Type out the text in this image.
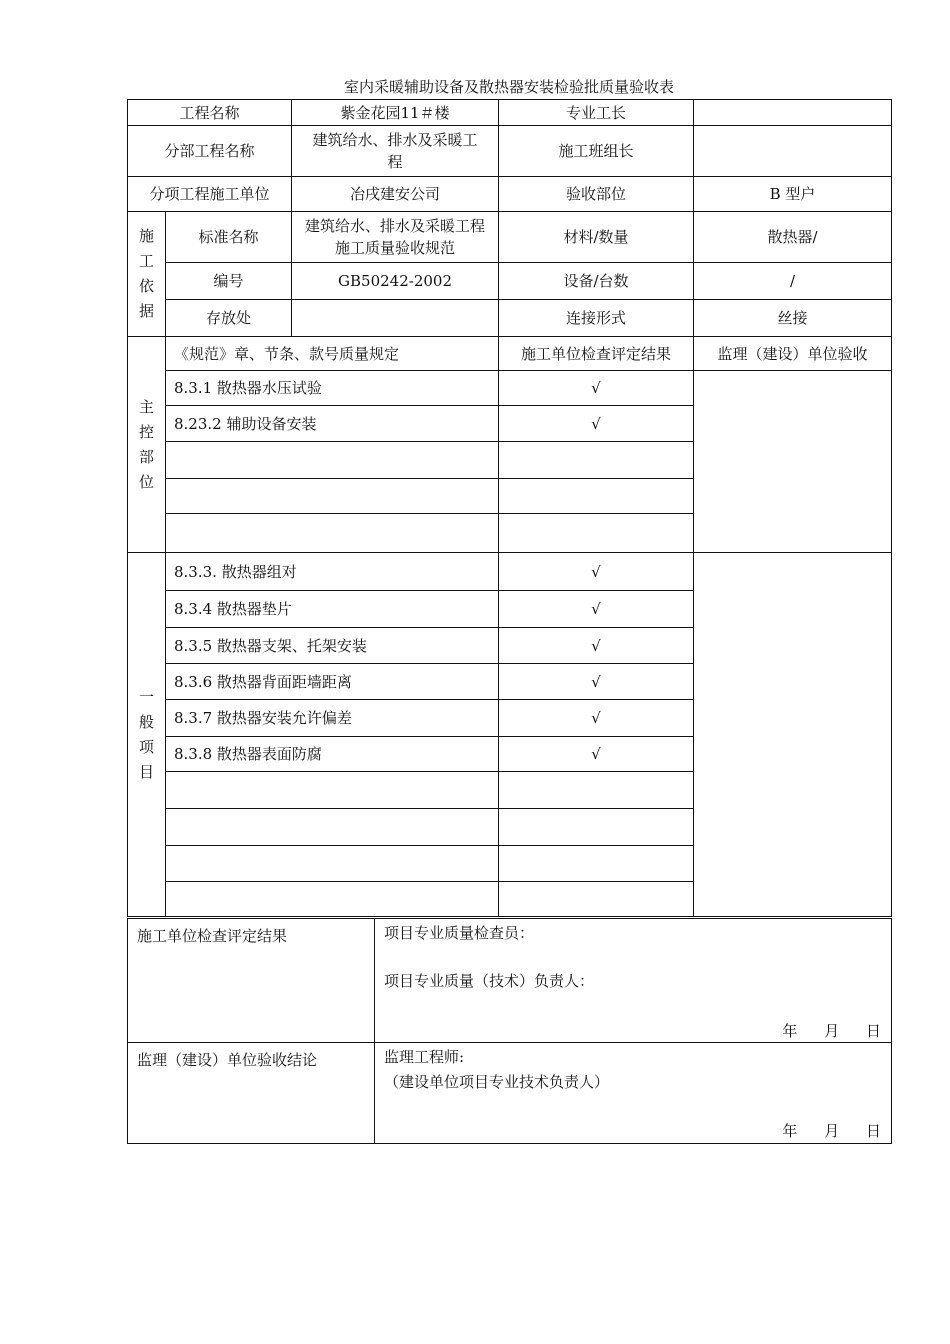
室内采暖辅助设备及散热器安装检验批质量验收表
工程名称		紫金花园11＃楼	专业工长	
分部工程名称		建筑给水、排水及采暖工程	施工班组长	
分项工程施工单位		冶戌建安公司	验收部位	B 型户

施
工
依
据	标准名称	建筑给水、排水及采暖工程施工质量验收规范	材料/数量	散热器/
	编号	GB50242-2002	设备/台数	/
	存放处		连接形式	丝接

主
控
部
位	《规范》章、节条、款号质量规定		施工单位检查评定结果	监理（建设）单位验收
	8.3.1 散热器水压试验		√	
	8.23.2 辅助设备安装		√	

一
般
项
目	8.3.3. 散热器组对		√	
	8.3.4 散热器垫片		√	
	8.3.5 散热器支架、托架安装		√	
	8.3.6 散热器背面距墙距离		√	
	8.3.7 散热器安装允许偏差		√	
	8.3.8 散热器表面防腐		√	

施工单位检查评定结果	项目专业质量检查员：
项目专业质量（技术）负责人：
年 月 日

监理（建设）单位验收结论	监理工程师:
（建设单位项目专业技术负责人）
年 月 日
